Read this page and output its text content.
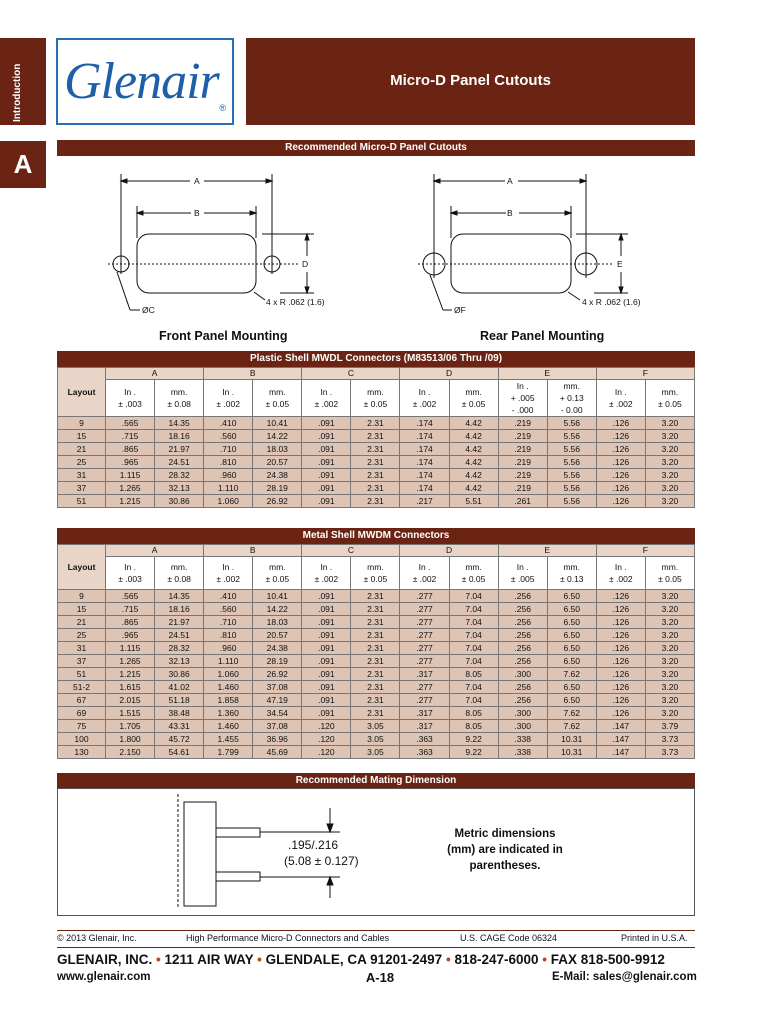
Introduction
A
Glenair ®
Micro-D Panel Cutouts
Recommended Micro-D Panel Cutouts
A
B
D
ØC
4 x R .062 (1.6)
A
B
E
ØF
4 x R .062 (1.6)
Front Panel Mounting	Rear Panel Mounting
Plastic Shell MWDL Connectors (M83513/06 Thru /09)
Layout	A		B		C		D		E		F	
	In .
± .003	mm.
± 0.08	In .
± .002	mm.
± 0.05	In .
± .002	mm.
± 0.05	In .
± .002	mm.
± 0.05	In .
+ .005
- .000	mm.
+ 0.13
- 0.00	In .
± .002	mm.
± 0.05
9	.565	14.35	.410	10.41	.091	2.31	.174	4.42	.219	5.56	.126	3.20
15	.715	18.16	.560	14.22	.091	2.31	.174	4.42	.219	5.56	.126	3.20
21	.865	21.97	.710	18.03	.091	2.31	.174	4.42	.219	5.56	.126	3.20
25	.965	24.51	.810	20.57	.091	2.31	.174	4.42	.219	5.56	.126	3.20
31	1.115	28.32	.960	24.38	.091	2.31	.174	4.42	.219	5.56	.126	3.20
37	1.265	32.13	1.110	28.19	.091	2.31	.174	4.42	.219	5.56	.126	3.20
51	1.215	30.86	1.060	26.92	.091	2.31	.217	5.51	.261	5.56	.126	3.20
Metal Shell MWDM Connectors
Layout	A		B		C		D		E		F	
	In .
± .003	mm.
± 0.08	In .
± .002	mm.
± 0.05	In .
± .002	mm.
± 0.05	In .
± .002	mm.
± 0.05	In .
± .005	mm.
± 0.13	In .
± .002	mm.
± 0.05
9	.565	14.35	.410	10.41	.091	2.31	.277	7.04	.256	6.50	.126	3.20
15	.715	18.16	.560	14.22	.091	2.31	.277	7.04	.256	6.50	.126	3.20
21	.865	21.97	.710	18.03	.091	2.31	.277	7.04	.256	6.50	.126	3.20
25	.965	24.51	.810	20.57	.091	2.31	.277	7.04	.256	6.50	.126	3.20
31	1.115	28.32	.960	24.38	.091	2.31	.277	7.04	.256	6.50	.126	3.20
37	1.265	32.13	1.110	28.19	.091	2.31	.277	7.04	.256	6.50	.126	3.20
51	1.215	30.86	1.060	26.92	.091	2.31	.317	8.05	.300	7.62	.126	3.20
51-2	1.615	41.02	1.460	37.08	.091	2.31	.277	7.04	.256	6.50	.126	3.20
67	2.015	51.18	1.858	47.19	.091	2.31	.277	7.04	.256	6.50	.126	3.20
69	1.515	38.48	1.360	34.54	.091	2.31	.317	8.05	.300	7.62	.126	3.20
75	1.705	43.31	1.460	37.08	.120	3.05	.317	8.05	.300	7.62	.147	3.79
100	1.800	45.72	1.455	36.96	.120	3.05	.363	9.22	.338	10.31	.147	3.73
130	2.150	54.61	1.799	45.69	.120	3.05	.363	9.22	.338	10.31	.147	3.73
Recommended Mating Dimension
.195/.216
(5.08 ± 0.127)
Metric dimensions
(mm) are indicated in
parentheses.
© 2013 Glenair, Inc.	High Performance Micro-D Connectors and Cables	U.S. CAGE Code 06324	Printed in U.S.A.
GLENAIR, INC. • 1211 AIR WAY • GLENDALE, CA 91201-2497 • 818-247-6000 • FAX 818-500-9912
www.glenair.com	A-18	E-Mail: sales@glenair.com
